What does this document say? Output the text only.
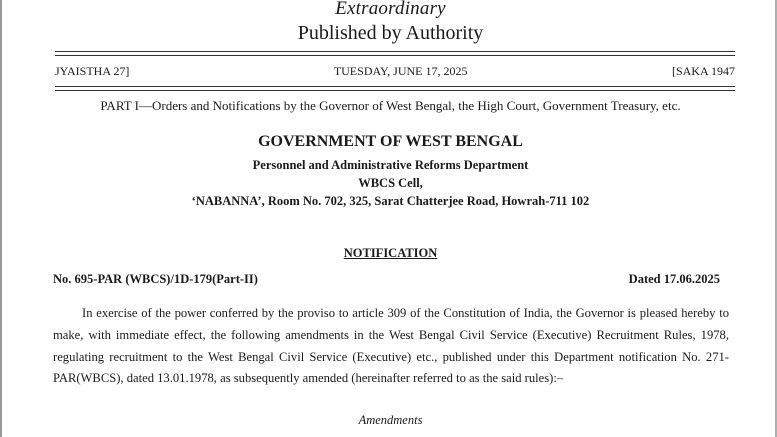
Extraordinary
Published by Authority
JYAISTHA 27]	TUESDAY, JUNE 17, 2025	[SAKA 1947
PART I—Orders and Notifications by the Governor of West Bengal, the High Court, Government Treasury, etc.
GOVERNMENT OF WEST BENGAL
Personnel and Administrative Reforms Department
WBCS Cell,
‘NABANNA’, Room No. 702, 325, Sarat Chatterjee Road, Howrah-711 102
NOTIFICATION
No. 695-PAR (WBCS)/1D-179(Part-II)	Dated 17.06.2025
In exercise of the power conferred by the proviso to article 309 of the Constitution of India, the Governor is pleased hereby to make, with immediate effect, the following amendments in the West Bengal Civil Service (Executive) Recruitment Rules, 1978, regulating recruitment to the West Bengal Civil Service (Executive) etc., published under this Department notification No. 271-PAR(WBCS), dated 13.01.1978, as subsequently amended (hereinafter referred to as the said rules):–
Amendments
